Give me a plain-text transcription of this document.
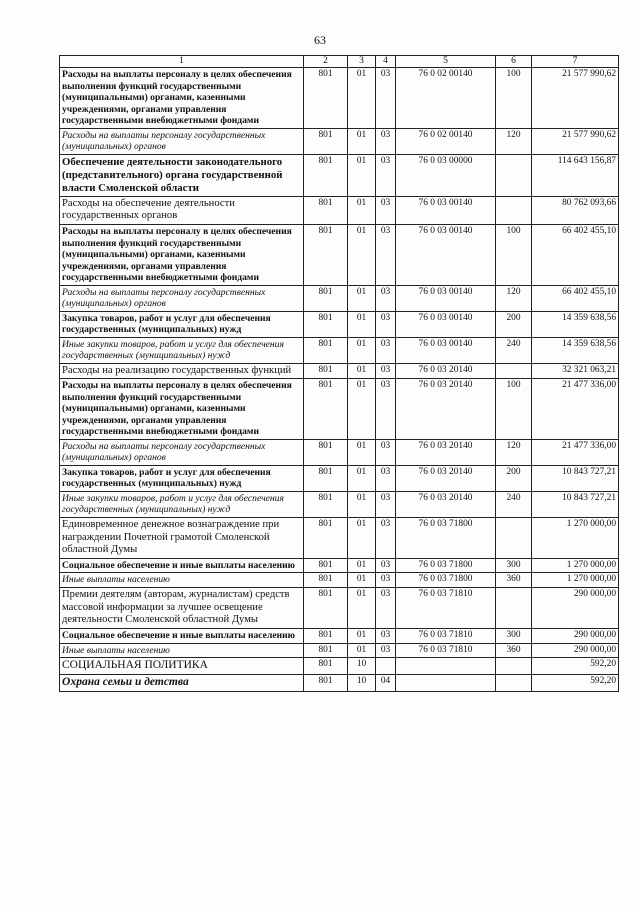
63
1	2	3	4	5	6	7
Расходы на выплаты персоналу в целях обеспечения выполнения функций государственными (муниципальными) органами, казенными учреждениями, органами управления государственными внебюджетными фондами	801	01	03	76 0 02 00140	100	21 577 990,62
Расходы на выплаты персоналу государственных (муниципальных) органов	801	01	03	76 0 02 00140	120	21 577 990,62
Обеспечение деятельности законодательного (представительного) органа государственной власти Смоленской области	801	01	03	76 0 03 00000		114 643 156,87
Расходы на обеспечение деятельности государственных органов	801	01	03	76 0 03 00140		80 762 093,66
Расходы на выплаты персоналу в целях обеспечения выполнения функций государственными (муниципальными) органами, казенными учреждениями, органами управления государственными внебюджетными фондами	801	01	03	76 0 03 00140	100	66 402 455,10
Расходы на выплаты персоналу государственных (муниципальных) органов	801	01	03	76 0 03 00140	120	66 402 455,10
Закупка товаров, работ и услуг для обеспечения государственных (муниципальных) нужд	801	01	03	76 0 03 00140	200	14 359 638,56
Иные закупки товаров, работ и услуг для обеспечения государственных (муниципальных) нужд	801	01	03	76 0 03 00140	240	14 359 638,56
Расходы на реализацию государственных функций	801	01	03	76 0 03 20140		32 321 063,21
Расходы на выплаты персоналу в целях обеспечения выполнения функций государственными (муниципальными) органами, казенными учреждениями, органами управления государственными внебюджетными фондами	801	01	03	76 0 03 20140	100	21 477 336,00
Расходы на выплаты персоналу государственных (муниципальных) органов	801	01	03	76 0 03 20140	120	21 477 336,00
Закупка товаров, работ и услуг для обеспечения государственных (муниципальных) нужд	801	01	03	76 0 03 20140	200	10 843 727,21
Иные закупки товаров, работ и услуг для обеспечения государственных (муниципальных) нужд	801	01	03	76 0 03 20140	240	10 843 727,21
Единовременное денежное вознаграждение при награждении Почетной грамотой Смоленской областной Думы	801	01	03	76 0 03 71800		1 270 000,00
Социальное обеспечение и иные выплаты населению	801	01	03	76 0 03 71800	300	1 270 000,00
Иные выплаты населению	801	01	03	76 0 03 71800	360	1 270 000,00
Премии деятелям (авторам, журналистам) средств массовой информации за лучшее освещение деятельности Смоленской областной Думы	801	01	03	76 0 03 71810		290 000,00
Социальное обеспечение и иные выплаты населению	801	01	03	76 0 03 71810	300	290 000,00
Иные выплаты населению	801	01	03	76 0 03 71810	360	290 000,00
СОЦИАЛЬНАЯ ПОЛИТИКА	801	10				592,20
Охрана семьи и детства	801	10	04			592,20
